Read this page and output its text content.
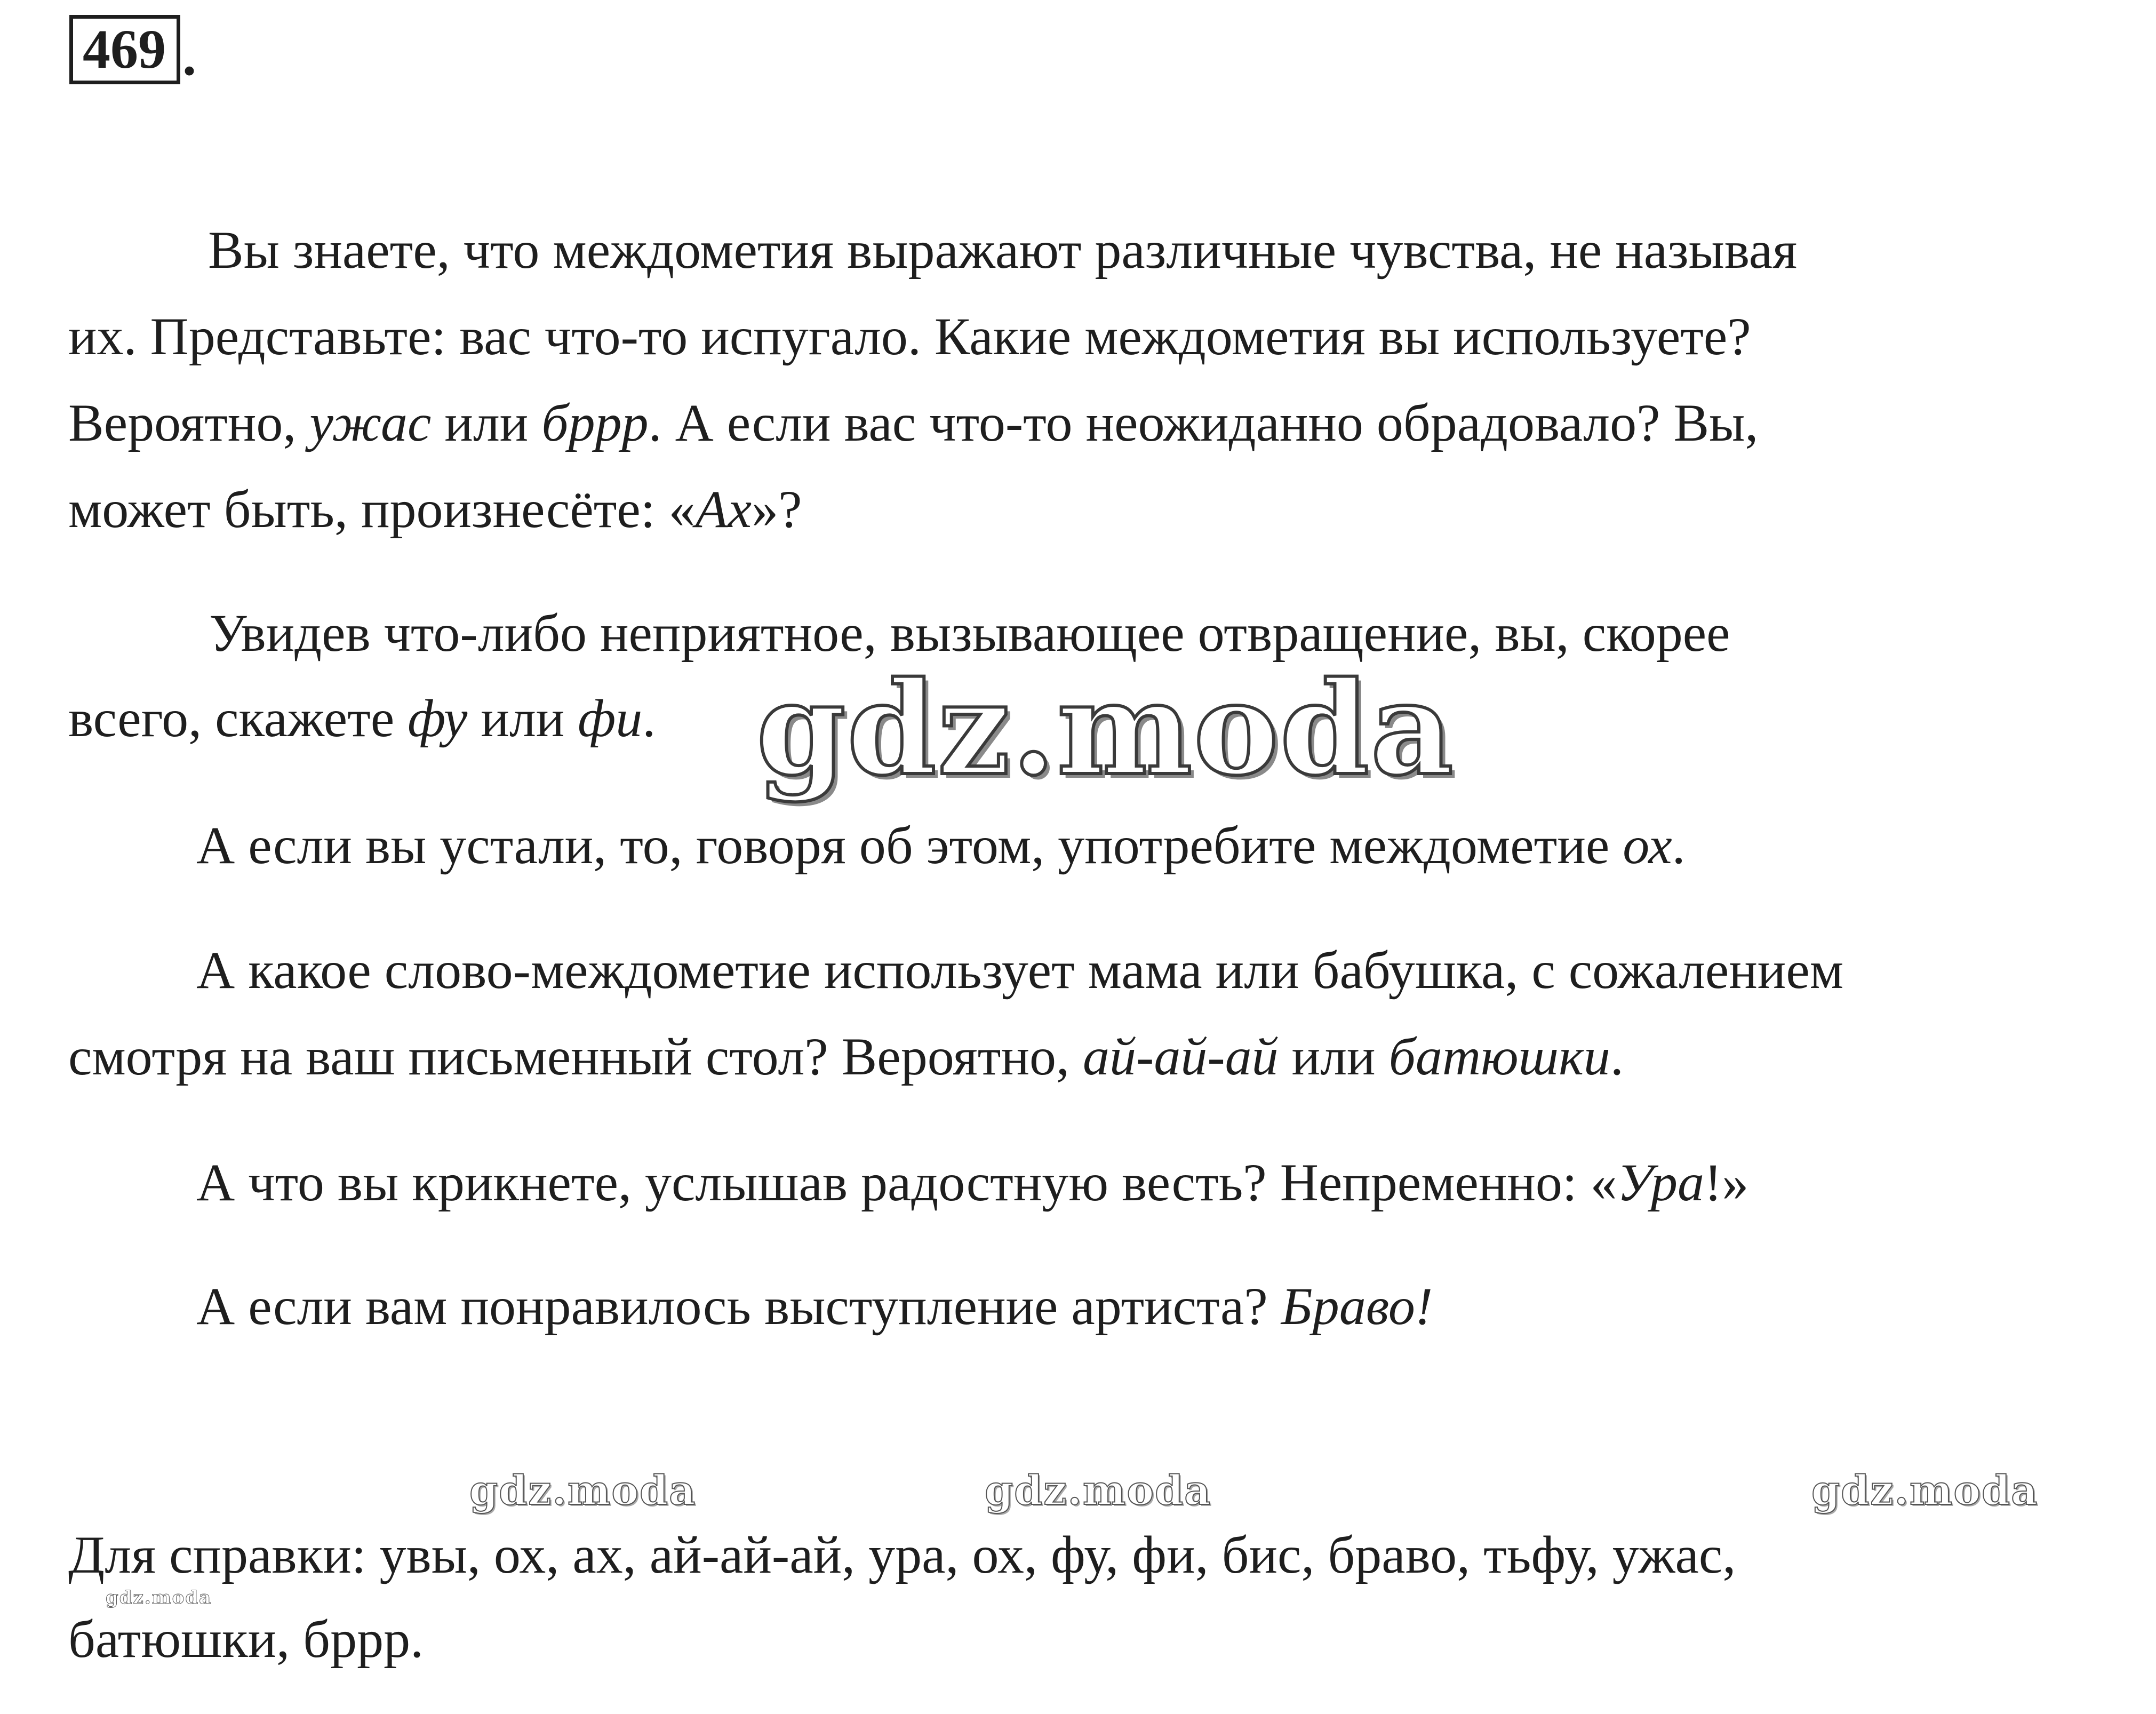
469 .
Вы знаете, что междометия выражают различные чувства, не называя
их. Представьте: вас что-то испугало. Какие междометия вы используете?
Вероятно, ужас или бppp. А если вас что-то неожиданно обрадовало? Вы,
может быть, произнесёте: «Ах»?
Увидев что-либо неприятное, вызывающее отвращение, вы, скорее
всего, скажете фу или фи.
А если вы устали, то, говоря об этом, употребите междометие ох.
А какое слово-междометие использует мама или бабушка, с сожалением
смотря на ваш письменный стол? Вероятно, ай-ай-ай или батюшки.
А что вы крикнете, услышав радостную весть? Непременно: «Ура!»
А если вам понравилось выступление артиста? Браво!
Для справки: увы, ох, ах, ай-ай-ай, ура, ох, фу, фи, бис, браво, тьфу, ужас,
батюшки, бppp.
gdz.moda
gdz.moda	gdz.moda	gdz.moda
gdz.moda
